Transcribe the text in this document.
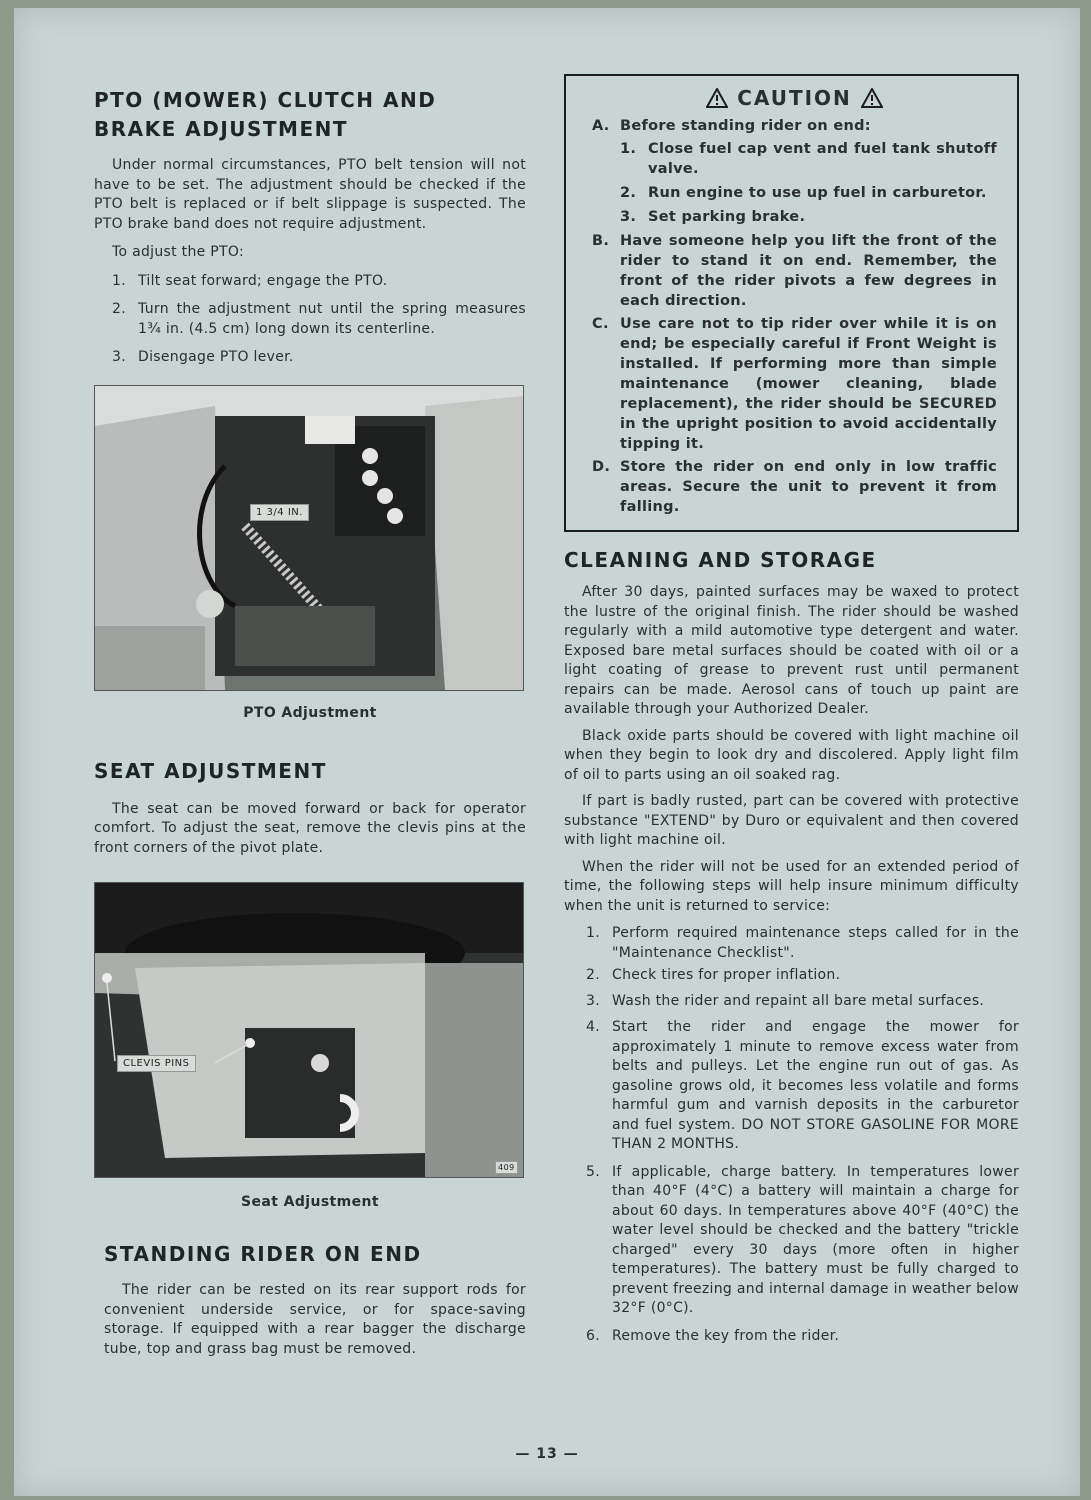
PTO (MOWER) CLUTCH AND
BRAKE ADJUSTMENT

Under normal circumstances, PTO belt tension will not have to be set. The adjustment should be checked if the PTO belt is replaced or if belt slippage is suspected. The PTO brake band does not require adjustment.

To adjust the PTO:

1. Tilt seat forward; engage the PTO.
2. Turn the adjustment nut until the spring measures 1¾ in. (4.5 cm) long down its centerline.
3. Disengage PTO lever.
1 3/4 IN.
PTO Adjustment
SEAT ADJUSTMENT

The seat can be moved forward or back for operator comfort. To adjust the seat, remove the clevis pins at the front corners of the pivot plate.

CLEVIS PINS
409
Seat Adjustment
STANDING RIDER ON END

The rider can be rested on its rear support rods for convenient underside service, or for space-saving storage. If equipped with a rear bagger the discharge tube, top and grass bag must be removed.

CAUTION
A. Before standing rider on end:
1. Close fuel cap vent and fuel tank shutoff valve.
2. Run engine to use up fuel in carburetor.
3. Set parking brake.
B. Have someone help you lift the front of the rider to stand it on end. Remember, the front of the rider pivots a few degrees in each direction.
C. Use care not to tip rider over while it is on end; be especially careful if Front Weight is installed. If performing more than simple maintenance (mower cleaning, blade replacement), the rider should be SECURED in the upright position to avoid accidentally tipping it.
D. Store the rider on end only in low traffic areas. Secure the unit to prevent it from falling.
CLEANING AND STORAGE

After 30 days, painted surfaces may be waxed to protect the lustre of the original finish. The rider should be washed regularly with a mild automotive type detergent and water. Exposed bare metal surfaces should be coated with oil or a light coating of grease to prevent rust until permanent repairs can be made. Aerosol cans of touch up paint are available through your Authorized Dealer.

Black oxide parts should be covered with light machine oil when they begin to look dry and discolered. Apply light film of oil to parts using an oil soaked rag.

If part is badly rusted, part can be covered with protective substance "EXTEND" by Duro or equivalent and then covered with light machine oil.

When the rider will not be used for an extended period of time, the following steps will help insure minimum difficulty when the unit is returned to service:

1. Perform required maintenance steps called for in the "Maintenance Checklist".
2. Check tires for proper inflation.
3. Wash the rider and repaint all bare metal surfaces.
4. Start the rider and engage the mower for approximately 1 minute to remove excess water from belts and pulleys. Let the engine run out of gas. As gasoline grows old, it becomes less volatile and forms harmful gum and varnish deposits in the carburetor and fuel system. DO NOT STORE GASOLINE FOR MORE THAN 2 MONTHS.
5. If applicable, charge battery. In temperatures lower than 40°F (4°C) a battery will maintain a charge for about 60 days. In temperatures above 40°F (40°C) the water level should be checked and the battery "trickle charged" every 30 days (more often in higher temperatures). The battery must be fully charged to prevent freezing and internal damage in weather below 32°F (0°C).
6. Remove the key from the rider.
— 13 —
